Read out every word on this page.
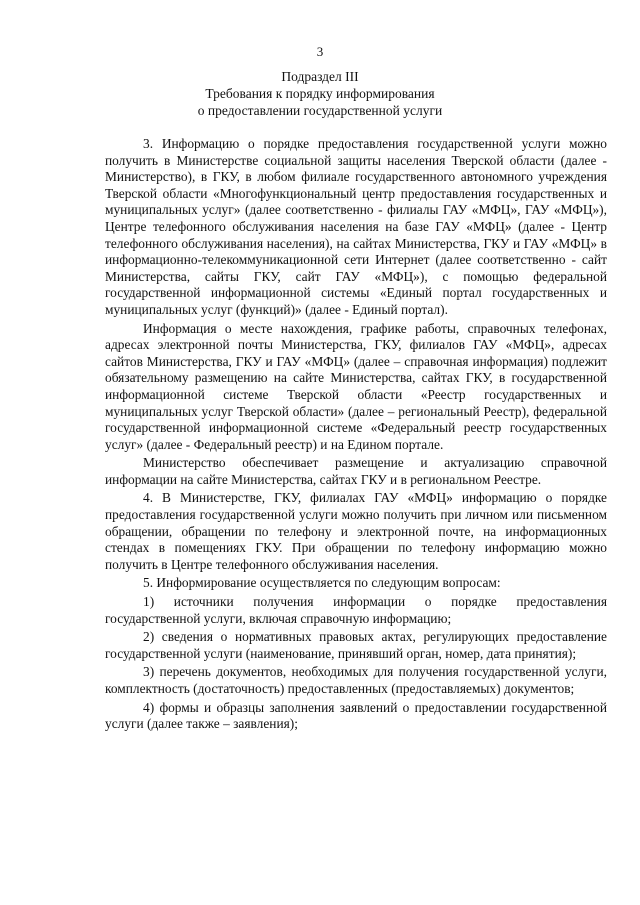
3
Подраздел III
Требования к порядку информирования
о предоставлении государственной услуги

3. Информацию о порядке предоставления государственной услуги можно получить в Министерстве социальной защиты населения Тверской области (далее - Министерство), в ГКУ, в любом филиале государственного автономного учреждения Тверской области «Многофункциональный центр предоставления государственных и муниципальных услуг» (далее соответственно - филиалы ГАУ «МФЦ», ГАУ «МФЦ»), Центре телефонного обслуживания населения на базе ГАУ «МФЦ» (далее - Центр телефонного обслуживания населения), на сайтах Министерства, ГКУ и ГАУ «МФЦ» в информационно-телекоммуникационной сети Интернет (далее соответственно - сайт Министерства, сайты ГКУ, сайт ГАУ «МФЦ»), с помощью федеральной государственной информационной системы «Единый портал государственных и муниципальных услуг (функций)» (далее - Единый портал).

Информация о месте нахождения, графике работы, справочных телефонах, адресах электронной почты Министерства, ГКУ, филиалов ГАУ «МФЦ», адресах сайтов Министерства, ГКУ и ГАУ «МФЦ» (далее – справочная информация) подлежит обязательному размещению на сайте Министерства, сайтах ГКУ, в государственной информационной системе Тверской области «Реестр государственных и муниципальных услуг Тверской области» (далее – региональный Реестр), федеральной государственной информационной системе «Федеральный реестр государственных услуг» (далее - Федеральный реестр) и на Едином портале.

Министерство обеспечивает размещение и актуализацию справочной информации на сайте Министерства, сайтах ГКУ и в региональном Реестре.

4. В Министерстве, ГКУ, филиалах ГАУ «МФЦ» информацию о порядке предоставления государственной услуги можно получить при личном или письменном обращении, обращении по телефону и электронной почте, на информационных стендах в помещениях ГКУ. При обращении по телефону информацию можно получить в Центре телефонного обслуживания населения.

5. Информирование осуществляется по следующим вопросам:

1) источники получения информации о порядке предоставления государственной услуги, включая справочную информацию;

2) сведения о нормативных правовых актах, регулирующих предоставление государственной услуги (наименование, принявший орган, номер, дата принятия);

3) перечень документов, необходимых для получения государственной услуги, комплектность (достаточность) предоставленных (предоставляемых) документов;

4) формы и образцы заполнения заявлений о предоставлении государственной услуги (далее также – заявления);
